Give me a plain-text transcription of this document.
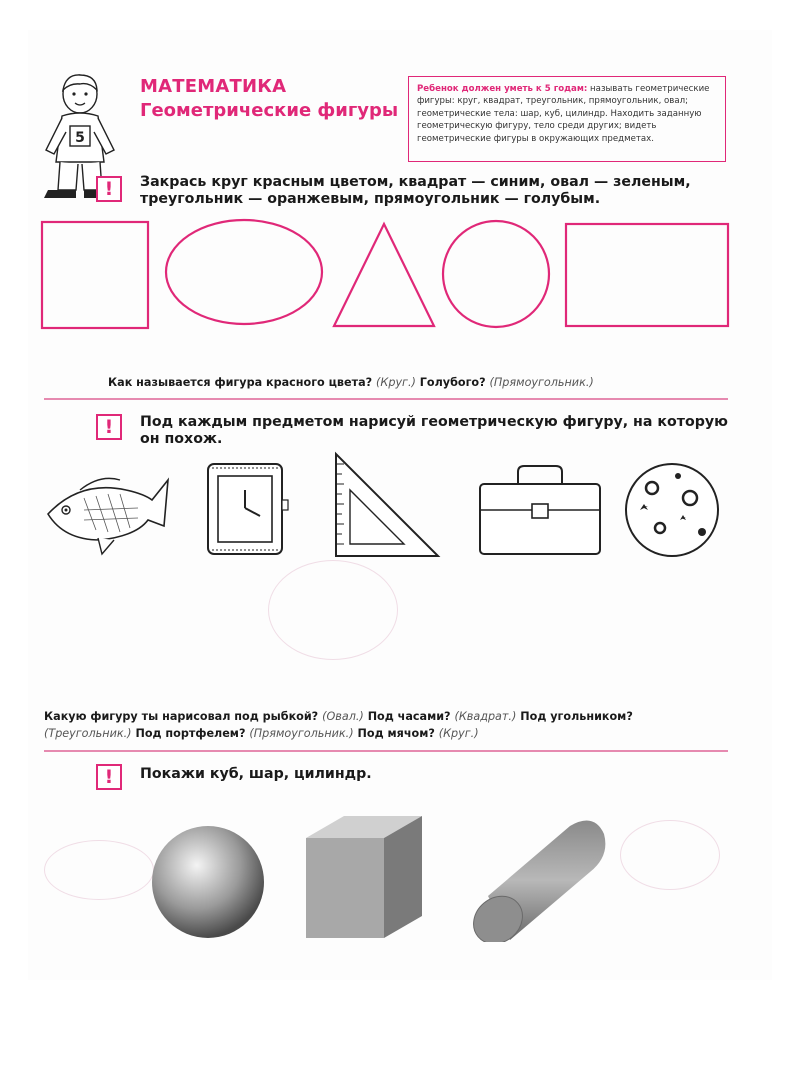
5
МАТЕМАТИКА
Геометрические фигуры
Ребенок должен уметь к 5 годам: называть геометрические фигуры: круг, квадрат, треугольник, прямоугольник, овал; геометрические тела: шар, куб, цилиндр. Находить заданную геометрическую фигуру, тело среди других; видеть геометрические фигуры в окружающих предметах.
!	Закрась круг красным цветом, квадрат — синим, овал — зеленым,
треугольник — оранжевым, прямоугольник — голубым.
Как называется фигура красного цвета? (Круг.) Голубого? (Прямоугольник.)
!	Под каждым предметом нарисуй геометрическую фигуру, на которую
он похож.
Какую фигуру ты нарисовал под рыбкой? (Овал.) Под часами? (Квадрат.) Под угольником?
(Треугольник.) Под портфелем? (Прямоугольник.) Под мячом? (Круг.)
!	Покажи куб, шар, цилиндр.
